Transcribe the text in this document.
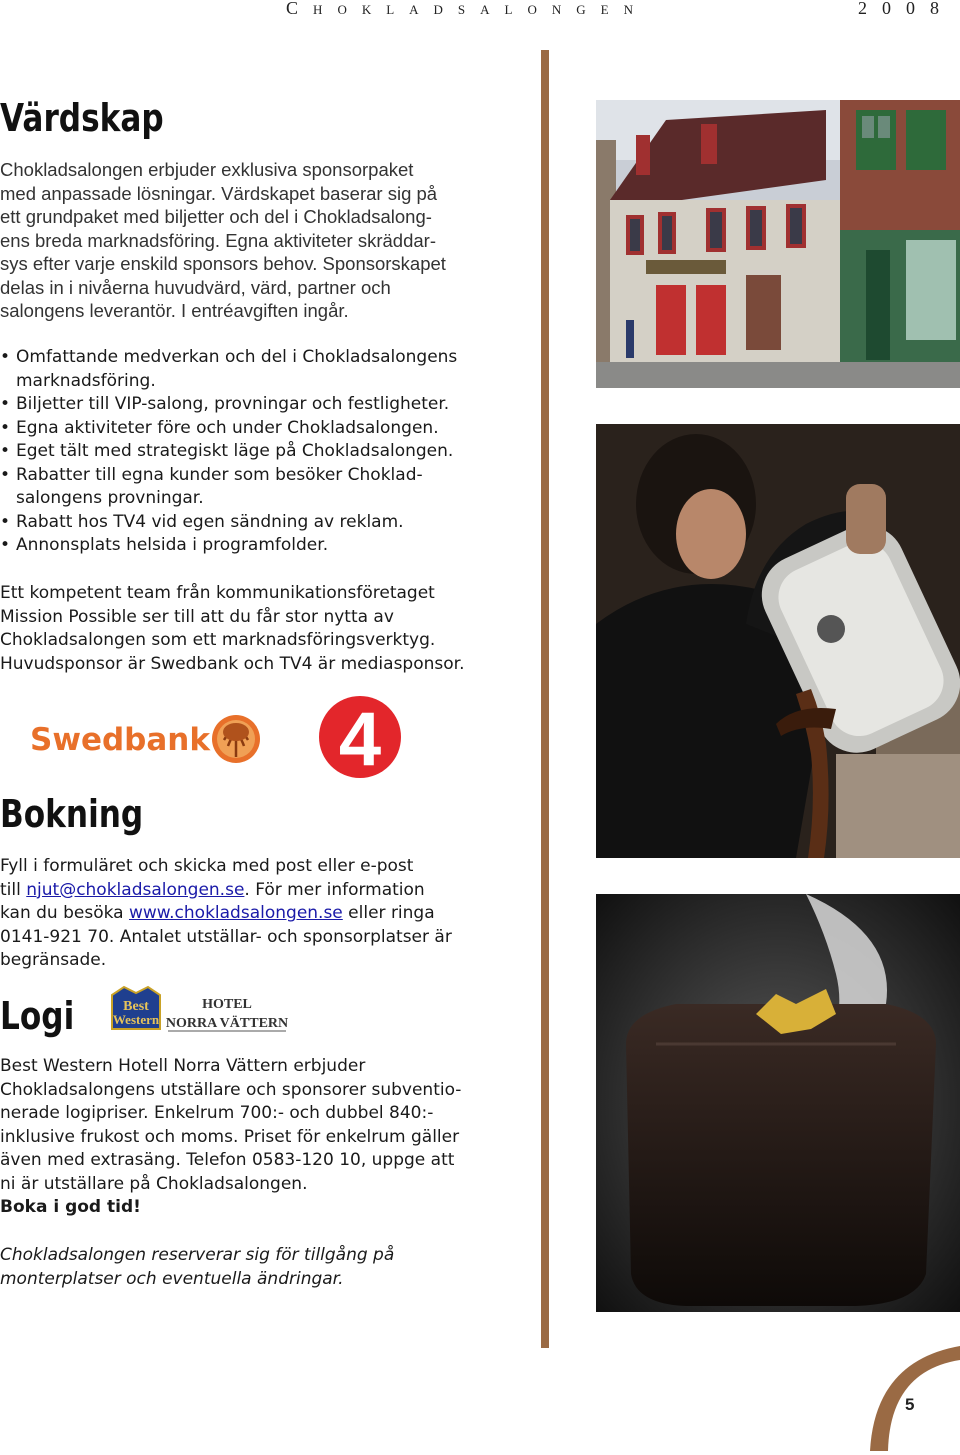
Chokladsalongen	2008
Värdskap
Chokladsalongen erbjuder exklusiva sponsorpaket
med anpassade lösningar. Värdskapet baserar sig på
ett grundpaket med biljetter och del i Chokladsalong-
ens breda marknadsföring. Egna aktiviteter skräddar-
sys efter varje enskild sponsors behov. Sponsorskapet
delas in i nivåerna huvudvärd, värd, partner och
salongens leverantör. I entréavgiften ingår.
• Omfattande medverkan och del i Chokladsalongens
marknadsföring.
• Biljetter till VIP-salong, provningar och festligheter.
• Egna aktiviteter före och under Chokladsalongen.
• Eget tält med strategiskt läge på Chokladsalongen.
• Rabatter till egna kunder som besöker Choklad-
salongens provningar.
• Rabatt hos TV4 vid egen sändning av reklam.
• Annonsplats helsida i programfolder.
Ett kompetent team från kommunikationsföretaget
Mission Possible ser till att du får stor nytta av
Chokladsalongen som ett marknadsföringsverktyg.
Huvudsponsor är Swedbank och TV4 är mediasponsor.
Swedbank 4
Bokning
Fyll i formuläret och skicka med post eller e-post
till njut@chokladsalongen.se. För mer information
kan du besöka www.chokladsalongen.se eller ringa
0141-921 70. Antalet utställar- och sponsorplatser är
begränsade.
Logi	Best
Western
HOTEL
NORRA VÄTTERN
Best Western Hotell Norra Vättern erbjuder
Chokladsalongens utställare och sponsorer subventio-
nerade logipriser. Enkelrum 700:- och dubbel 840:-
inklusive frukost och moms. Priset för enkelrum gäller
även med extrasäng. Telefon 0583-120 10, uppge att
ni är utställare på Chokladsalongen.
Boka i god tid!
Chokladsalongen reserverar sig för tillgång på
monterplatser och eventuella ändringar.
5
